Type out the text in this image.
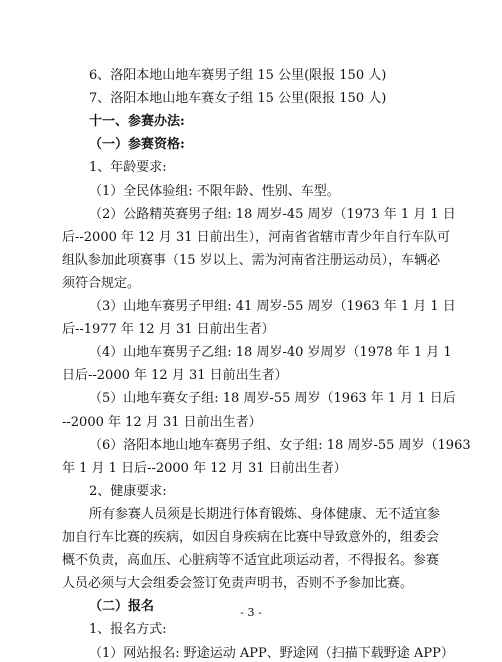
6、洛阳本地山地车赛男子组 15 公里(限报 150 人)
7、洛阳本地山地车赛女子组 15 公里(限报 150 人)
十一、参赛办法:
（一）参赛资格:
1、年龄要求:
（1）全民体验组: 不限年龄、性别、车型。
（2）公路精英赛男子组: 18 周岁-45 周岁（1973 年 1 月 1 日
后--2000 年 12 月 31 日前出生），河南省省辖市青少年自行车队可
组队参加此项赛事（15 岁以上、需为河南省注册运动员），车辆必
须符合规定。
（3）山地车赛男子甲组: 41 周岁-55 周岁（1963 年 1 月 1 日
后--1977 年 12 月 31 日前出生者）
（4）山地车赛男子乙组: 18 周岁-40 岁周岁（1978 年 1 月 1
日后--2000 年 12 月 31 日前出生者）
（5）山地车赛女子组: 18 周岁-55 周岁（1963 年 1 月 1 日后
--2000 年 12 月 31 日前出生者）
（6）洛阳本地山地车赛男子组、女子组: 18 周岁-55 周岁（1963
年 1 月 1 日后--2000 年 12 月 31 日前出生者）
2、健康要求:
所有参赛人员须是长期进行体育锻炼、身体健康、无不适宜参
加自行车比赛的疾病，如因自身疾病在比赛中导致意外的，组委会
概不负责，高血压、心脏病等不适宜此项运动者，不得报名。参赛
人员必须与大会组委会签订免责声明书，否则不予参加比赛。
（二）报名
1、报名方式:
（1）网站报名: 野途运动 APP、野途网（扫描下载野途 APP）
- 3 -
